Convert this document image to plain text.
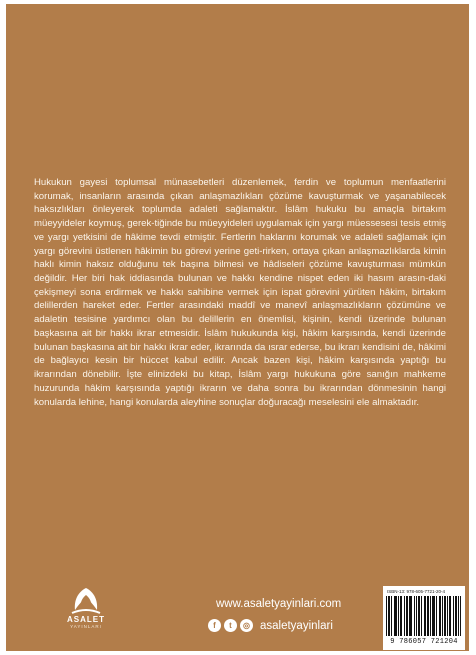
Hukukun gayesi toplumsal münasebetleri düzenlemek, ferdin ve toplumun menfaatlerini korumak, insanların arasında çıkan anlaşmazlıkları çözüme kavuşturmak ve yaşanabilecek haksızlıkları önleyerek toplumda adaleti sağlamaktır. İslâm hukuku bu amaçla birtakım müeyyideler koymuş, gerek-tiğinde bu müeyyideleri uygulamak için yargı müessesesi tesis etmiş ve yargı yetkisini de hâkime tevdi etmiştir. Fertlerin haklarını korumak ve adaleti sağlamak için yargı görevini üstlenen hâkimin bu görevi yerine geti-rirken, ortaya çıkan anlaşmazlıklarda kimin haklı kimin haksız olduğunu tek başına bilmesi ve hâdiseleri çözüme kavuşturması mümkün değildir. Her biri hak iddiasında bulunan ve hakkı kendine nispet eden iki hasım arasın-daki çekişmeyi sona erdirmek ve hakkı sahibine vermek için ispat görevini yürüten hâkim, birtakım delillerden hareket eder. Fertler arasındaki maddî ve manevî anlaşmazlıkların çözümüne ve adaletin tesisine yardımcı olan bu delillerin en önemlisi, kişinin, kendi üzerinde bulunan başkasına ait bir hakkı ikrar etmesidir. İslâm hukukunda kişi, hâkim karşısında, kendi üzerinde bulunan başkasına ait bir hakkı ikrar eder, ikrarında da ısrar ederse, bu ikrarı kendisini de, hâkimi de bağlayıcı kesin bir hüccet kabul edilir. Ancak bazen kişi, hâkim karşısında yaptığı bu ikrarından dönebilir. İşte elinizdeki bu kitap, İslâm yargı hukukuna göre sanığın mahkeme huzurunda hâkim karşısında yaptığı ikrarın ve daha sonra bu ikrarından dönmesinin hangi konularda lehine, hangi konularda aleyhine sonuçlar doğuracağı meselesini ele almaktadır.

ASALET
YAYINLARI
www.asaletyayinlari.com
f	t	◎ asaletyayinlari
ISBN-13: 978-605-7721-20-4
9 786057 721204
